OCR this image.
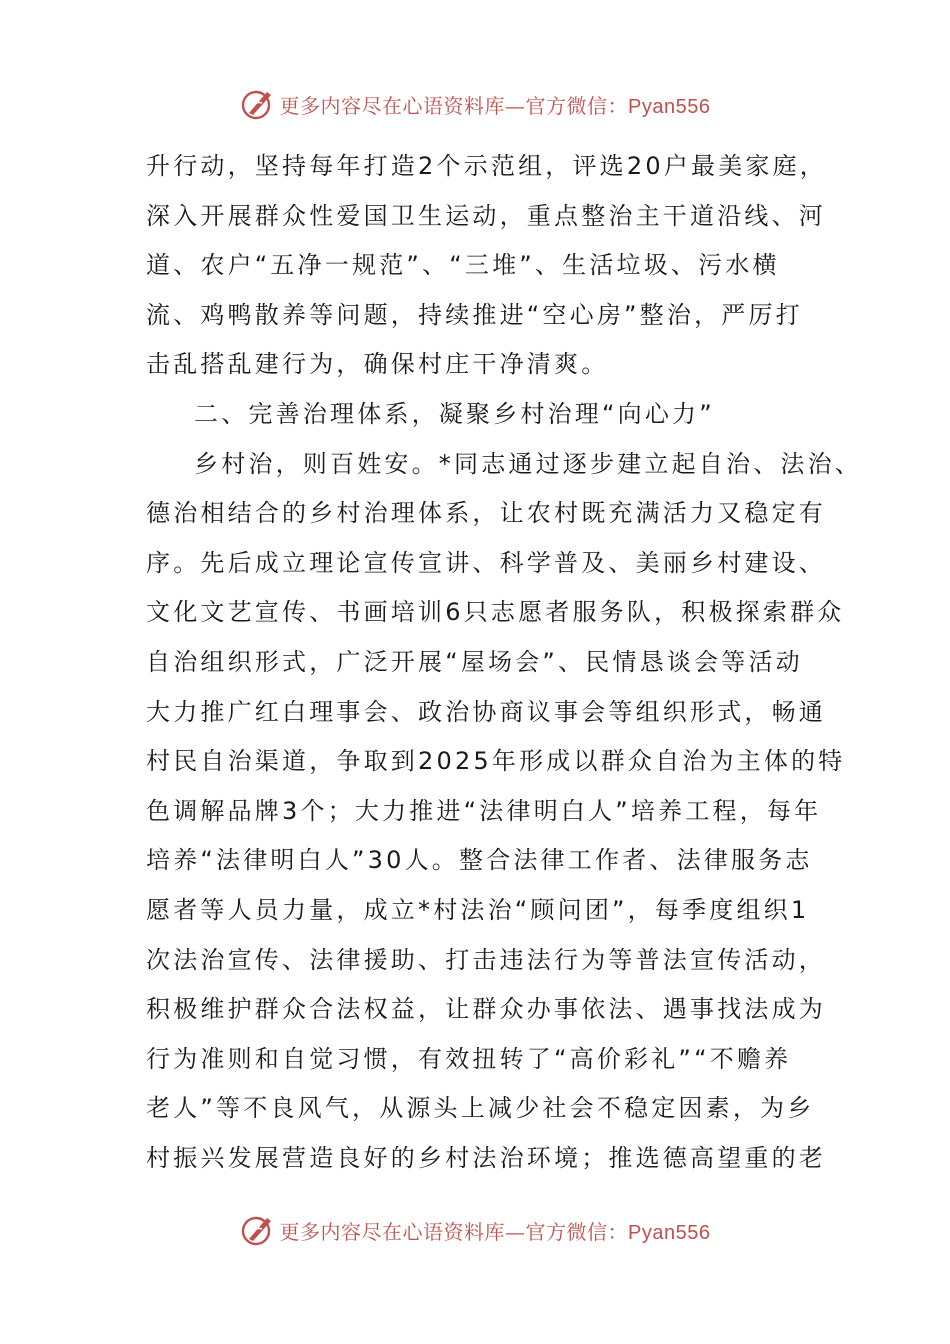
更多内容尽在心语资料库—官方微信：Pyan556
升行动，坚持每年打造2个示范组，评选20户最美家庭，
深入开展群众性爱国卫生运动，重点整治主干道沿线、河
道、农户“五净一规范”、“三堆”、生活垃圾、污水横
流、鸡鸭散养等问题，持续推进“空心房”整治，严厉打
击乱搭乱建行为，确保村庄干净清爽。
二、完善治理体系，凝聚乡村治理“向心力”
乡村治，则百姓安。*同志通过逐步建立起自治、法治、
德治相结合的乡村治理体系，让农村既充满活力又稳定有
序。先后成立理论宣传宣讲、科学普及、美丽乡村建设、
文化文艺宣传、书画培训6只志愿者服务队，积极探索群众
自治组织形式，广泛开展“屋场会”、民情恳谈会等活动
大力推广红白理事会、政治协商议事会等组织形式，畅通
村民自治渠道，争取到2025年形成以群众自治为主体的特
色调解品牌3个；大力推进“法律明白人”培养工程，每年
培养“法律明白人”30人。整合法律工作者、法律服务志
愿者等人员力量，成立*村法治“顾问团”，每季度组织1
次法治宣传、法律援助、打击违法行为等普法宣传活动，
积极维护群众合法权益，让群众办事依法、遇事找法成为
行为准则和自觉习惯，有效扭转了“高价彩礼”“不赡养
老人”等不良风气，从源头上减少社会不稳定因素，为乡
村振兴发展营造良好的乡村法治环境；推选德高望重的老
更多内容尽在心语资料库—官方微信：Pyan556
